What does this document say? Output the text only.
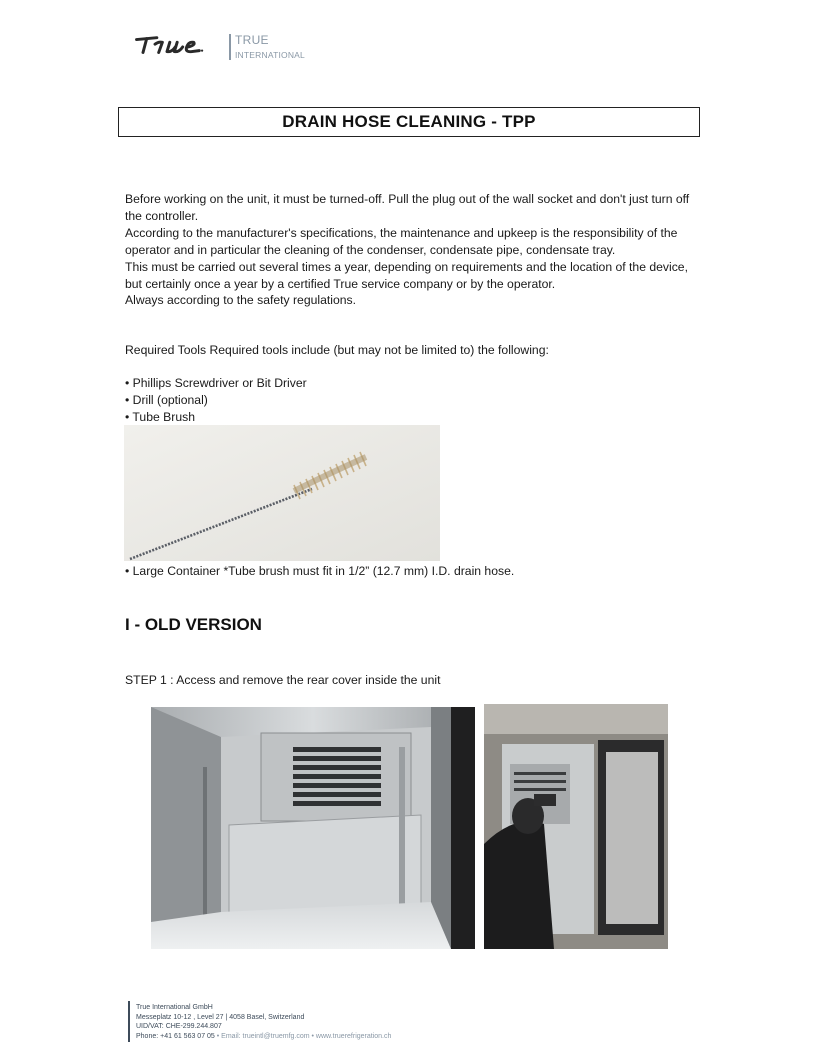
TRUE
INTERNATIONAL
DRAIN HOSE CLEANING - TPP

Before working on the unit, it must be turned-off. Pull the plug out of the wall socket and don't just turn off the controller.

According to the manufacturer's specifications, the maintenance and upkeep is the responsibility of the operator and in particular the cleaning of the condenser, condensate pipe, condensate tray.

This must be carried out several times a year, depending on requirements and the location of the device, but certainly once a year by a certified True service company or by the operator.

Always according to the safety regulations.

Required Tools Required tools include (but may not be limited to) the following:
• Phillips Screwdriver or Bit Driver
• Drill (optional)
• Tube Brush
• Large Container *Tube brush must fit in 1/2” (12.7 mm) I.D. drain hose.
I - OLD VERSION
STEP 1 : Access and remove the rear cover inside the unit
True International GmbH
Messeplatz 10-12 , Level 27 | 4058 Basel, Switzerland
UID/VAT: CHE-299.244.807
Phone: +41 61 563 07 05 • Email: trueintl@truemfg.com • www.truerefrigeration.ch
